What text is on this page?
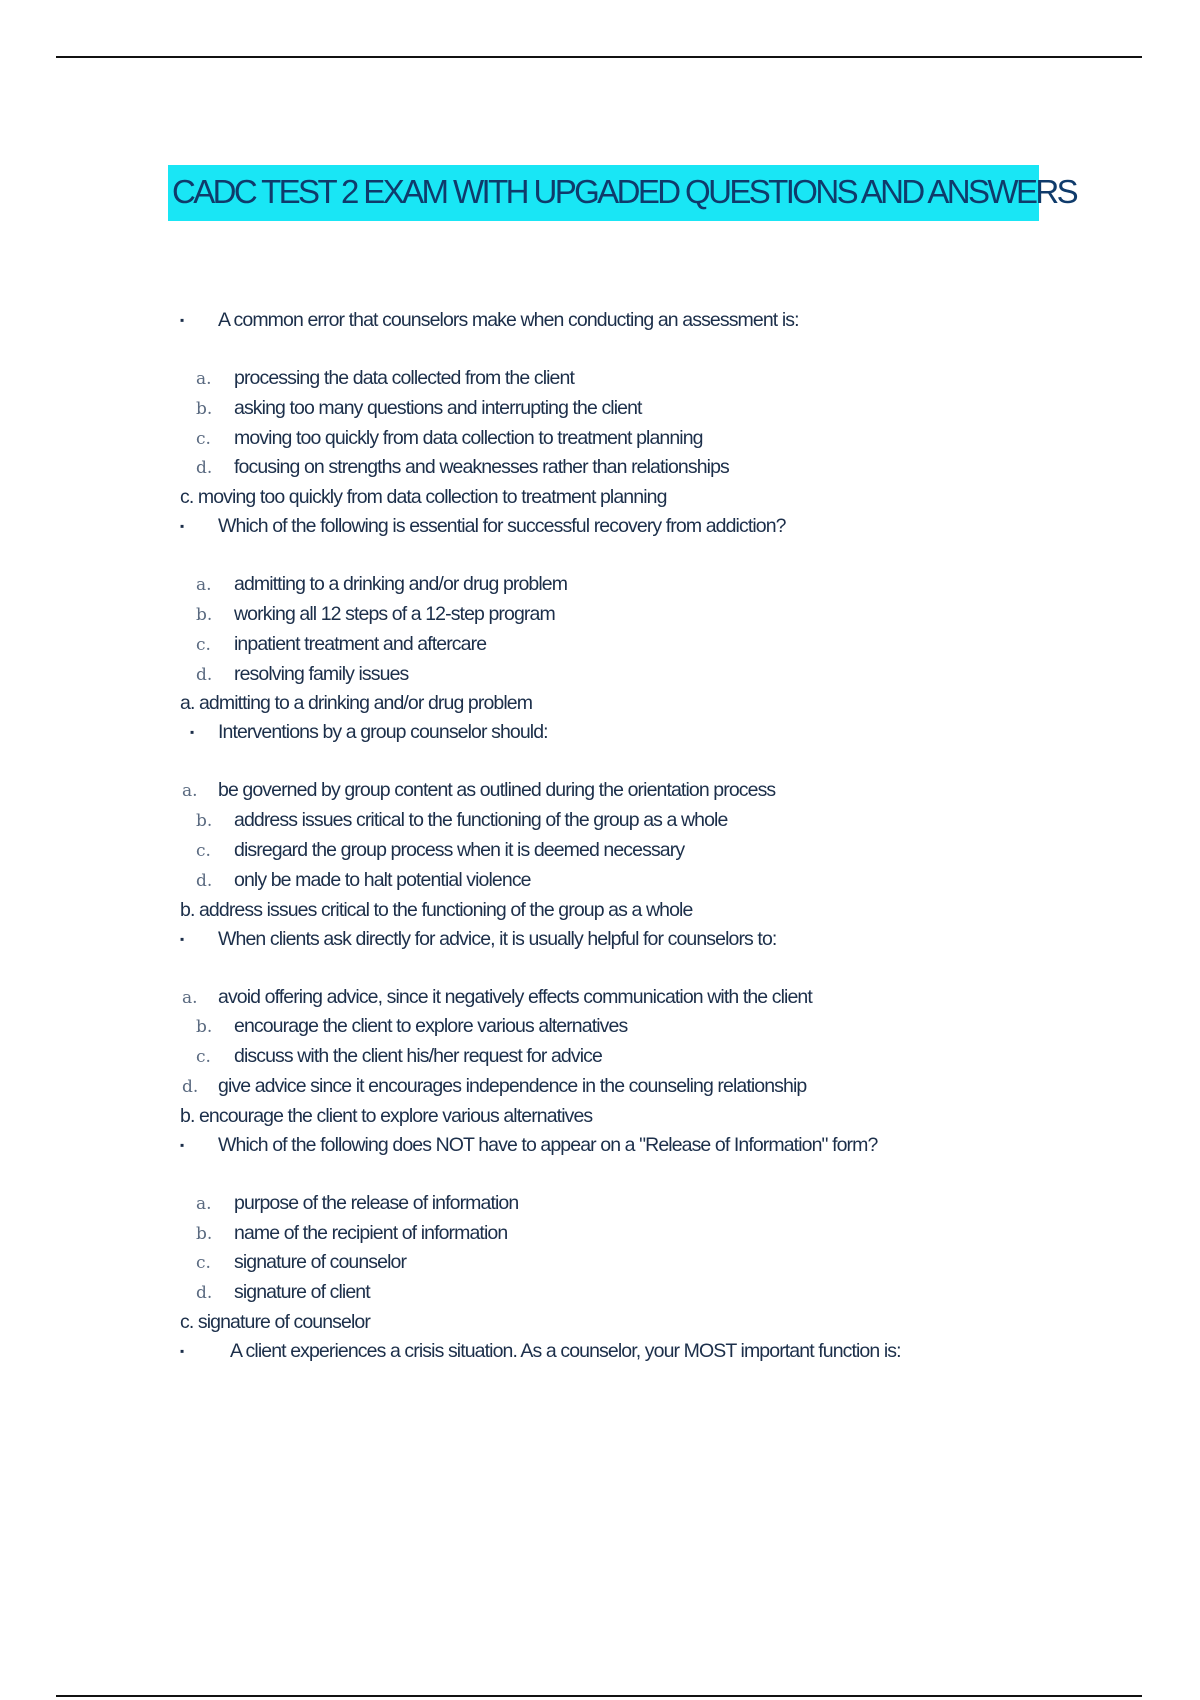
CADC TEST 2 EXAM WITH UPGADED QUESTIONS AND ANSWERS
▪	A common error that counselors make when conducting an assessment is:
a.	processing the data collected from the client
b.	asking too many questions and interrupting the client
c.	moving too quickly from data collection to treatment planning
d.	focusing on strengths and weaknesses rather than relationships
c. moving too quickly from data collection to treatment planning
▪	Which of the following is essential for successful recovery from addiction?
a.	admitting to a drinking and/or drug problem
b.	working all 12 steps of a 12-step program
c.	inpatient treatment and aftercare
d.	resolving family issues
a. admitting to a drinking and/or drug problem
▪	Interventions by a group counselor should:
a.	be governed by group content as outlined during the orientation process
b.	address issues critical to the functioning of the group as a whole
c.	disregard the group process when it is deemed necessary
d.	only be made to halt potential violence
b. address issues critical to the functioning of the group as a whole
▪	When clients ask directly for advice, it is usually helpful for counselors to:
a.	avoid offering advice, since it negatively effects communication with the client
b.	encourage the client to explore various alternatives
c.	discuss with the client his/her request for advice
d.	give advice since it encourages independence in the counseling relationship
b. encourage the client to explore various alternatives
▪	Which of the following does NOT have to appear on a "Release of Information" form?
a.	purpose of the release of information
b.	name of the recipient of information
c.	signature of counselor
d.	signature of client
c. signature of counselor
▪	A client experiences a crisis situation. As a counselor, your MOST important function is:
